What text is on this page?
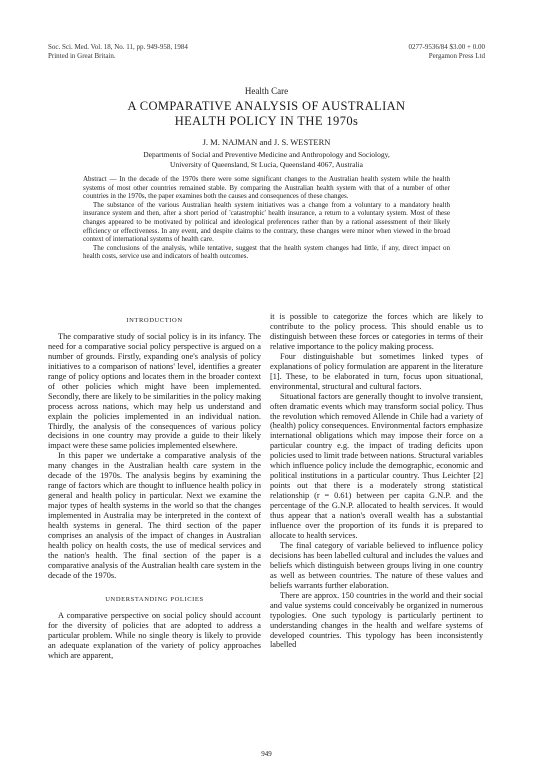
Soc. Sci. Med. Vol. 18, No. 11, pp. 949-958, 1984
Printed in Great Britain.
0277-9536/84 $3.00 + 0.00
Pergamon Press Ltd
Health Care
A COMPARATIVE ANALYSIS OF AUSTRALIAN
HEALTH POLICY IN THE 1970s
J. M. NAJMAN and J. S. WESTERN
Departments of Social and Preventive Medicine and Anthropology and Sociology,
University of Queensland, St Lucia, Queensland 4067, Australia

Abstract — In the decade of the 1970s there were some significant changes to the Australian health system while the health systems of most other countries remained stable. By comparing the Australian health system with that of a number of other countries in the 1970s, the paper examines both the causes and consequences of these changes.

The substance of the various Australian health system initiatives was a change from a voluntary to a mandatory health insurance system and then, after a short period of 'catastrophic' health insurance, a return to a voluntary system. Most of these changes appeared to be motivated by political and ideological preferences rather than by a rational assessment of their likely efficiency or effectiveness. In any event, and despite claims to the contrary, these changes were minor when viewed in the broad context of international systems of health care.

The conclusions of the analysis, while tentative, suggest that the health system changes had little, if any, direct impact on health costs, service use and indicators of health outcomes.

INTRODUCTION

The comparative study of social policy is in its infancy. The need for a comparative social policy perspective is argued on a number of grounds. Firstly, expanding one's analysis of policy initiatives to a comparison of nations' level, identifies a greater range of policy options and locates them in the broader context of other policies which might have been implemented. Secondly, there are likely to be similarities in the policy making process across nations, which may help us understand and explain the policies implemented in an individual nation. Thirdly, the analysis of the consequences of various policy decisions in one country may provide a guide to their likely impact were these same policies implemented elsewhere.

In this paper we undertake a comparative analysis of the many changes in the Australian health care system in the decade of the 1970s. The analysis begins by examining the range of factors which are thought to influence health policy in general and health policy in particular. Next we examine the major types of health systems in the world so that the changes implemented in Australia may be interpreted in the context of health systems in general. The third section of the paper comprises an analysis of the impact of changes in Australian health policy on health costs, the use of medical services and the nation's health. The final section of the paper is a comparative analysis of the Australian health care system in the decade of the 1970s.

UNDERSTANDING POLICIES

A comparative perspective on social policy should account for the diversity of policies that are adopted to address a particular problem. While no single theory is likely to provide an adequate explanation of the variety of policy approaches which are apparent,

it is possible to categorize the forces which are likely to contribute to the policy process. This should enable us to distinguish between these forces or categories in terms of their relative importance to the policy making process.

Four distinguishable but sometimes linked types of explanations of policy formulation are apparent in the literature [1]. These, to be elaborated in turn, focus upon situational, environmental, structural and cultural factors.

Situational factors are generally thought to involve transient, often dramatic events which may transform social policy. Thus the revolution which removed Allende in Chile had a variety of (health) policy consequences. Environmental factors emphasize international obligations which may impose their force on a particular country e.g. the impact of trading deficits upon policies used to limit trade between nations. Structural variables which influence policy include the demographic, economic and political institutions in a particular country. Thus Leichter [2] points out that there is a moderately strong statistical relationship (r = 0.61) between per capita G.N.P. and the percentage of the G.N.P. allocated to health services. It would thus appear that a nation's overall wealth has a substantial influence over the proportion of its funds it is prepared to allocate to health services.

The final category of variable believed to influence policy decisions has been labelled cultural and includes the values and beliefs which distinguish between groups living in one country as well as between countries. The nature of these values and beliefs warrants further elaboration.

There are approx. 150 countries in the world and their social and value systems could conceivably be organized in numerous typologies. One such typology is particularly pertinent to understanding changes in the health and welfare systems of developed countries. This typology has been inconsistently labelled

949
